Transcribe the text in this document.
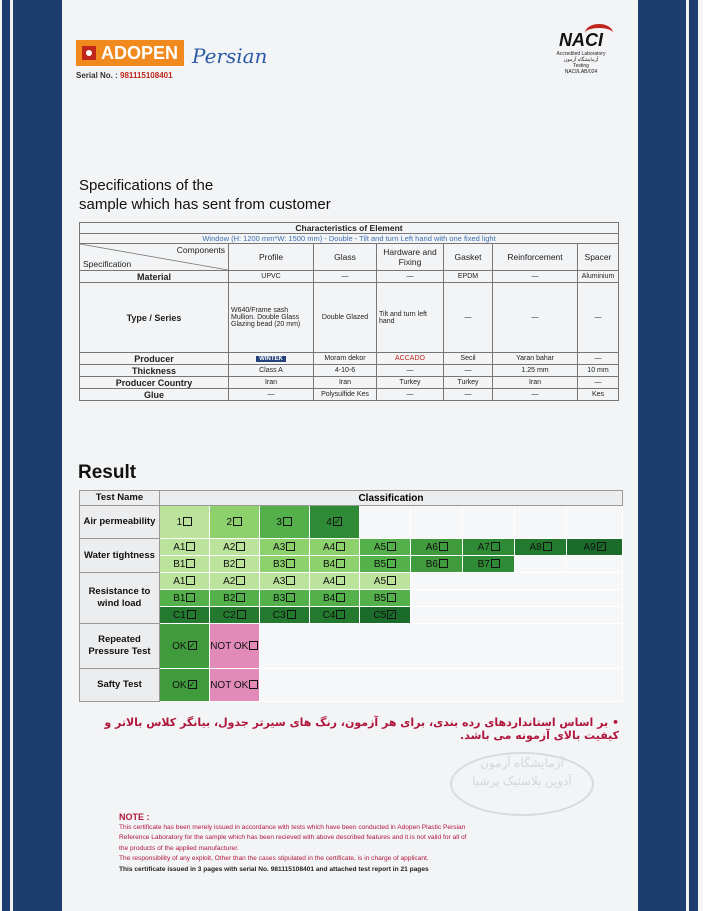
ADOPEN Persian
Serial No. : 981115108401
NACI
Accredited Laboratory
آزمایشگاه آزمون
Testing
NACI/LAB/024
Specifications of the
sample which has sent from customer
Characteristics of Element						
Window (H: 1200 mm*W: 1500 mm) - Double - Tilt and turn Left hand with one fixed light						

Components
Specification	Profile	Glass	Hardware and Fixing	Gasket	Reinforcement	Spacer
Material	UPVC	—	—	EPDM	—	Aluminium
Type / Series	W640/Frame sash Mullion. Double Glass Glazing bead (20 mm)	Double Glazed	Tilt and turn left hand	—	—	—
Producer	WINTEK	Moram dekor	ACCADO	Secil	Yaran bahar	—
Thickness	Class A	4-10-6	—	—	1.25 mm	10 mm
Producer Country	Iran	Iran	Turkey	Turkey	Iran	—
Glue	—	Polysulfide Kes	—	—	—	Kes
Result
Test Name	Classification								
Air permeability	1	2	3	4✓					
Water tightness	A1	A2	A3	A4	A5	A6	A7	A8	A9✓
	B1	B2	B3	B4	B5	B6	B7		
Resistance to wind load	A1	A2	A3	A4	A5				
	B1	B2	B3	B4	B5				
	C1	C2	C3	C4	C5✓	
Repeated Pressure Test	OK✓	NOT OK							
Safty Test	OK✓	NOT OK							
• بر اساس استانداردهای رده بندی، برای هر آزمون، رنگ های سیرتر جدول، بیانگر کلاس بالاتر و کیفیت بالای آزمونه می باشد.
آزمایشگاه آزمون
آدوپن پلاستیک پرشیا
NOTE :
This certificate has been merely issued in accordance with tests which have been conducted in Adopen Plastic Persian
Reference Laboratory for the sample which has been recieved with above described features and it is not valid for all of
the products of the applied manufacturer.
The responsibility of any exploit, Other than the cases stipulated in the certificate, is in charge of applicant.
This certificate issued in 3 pages with serial No. 981115108401 and attached test report in 21 pages
